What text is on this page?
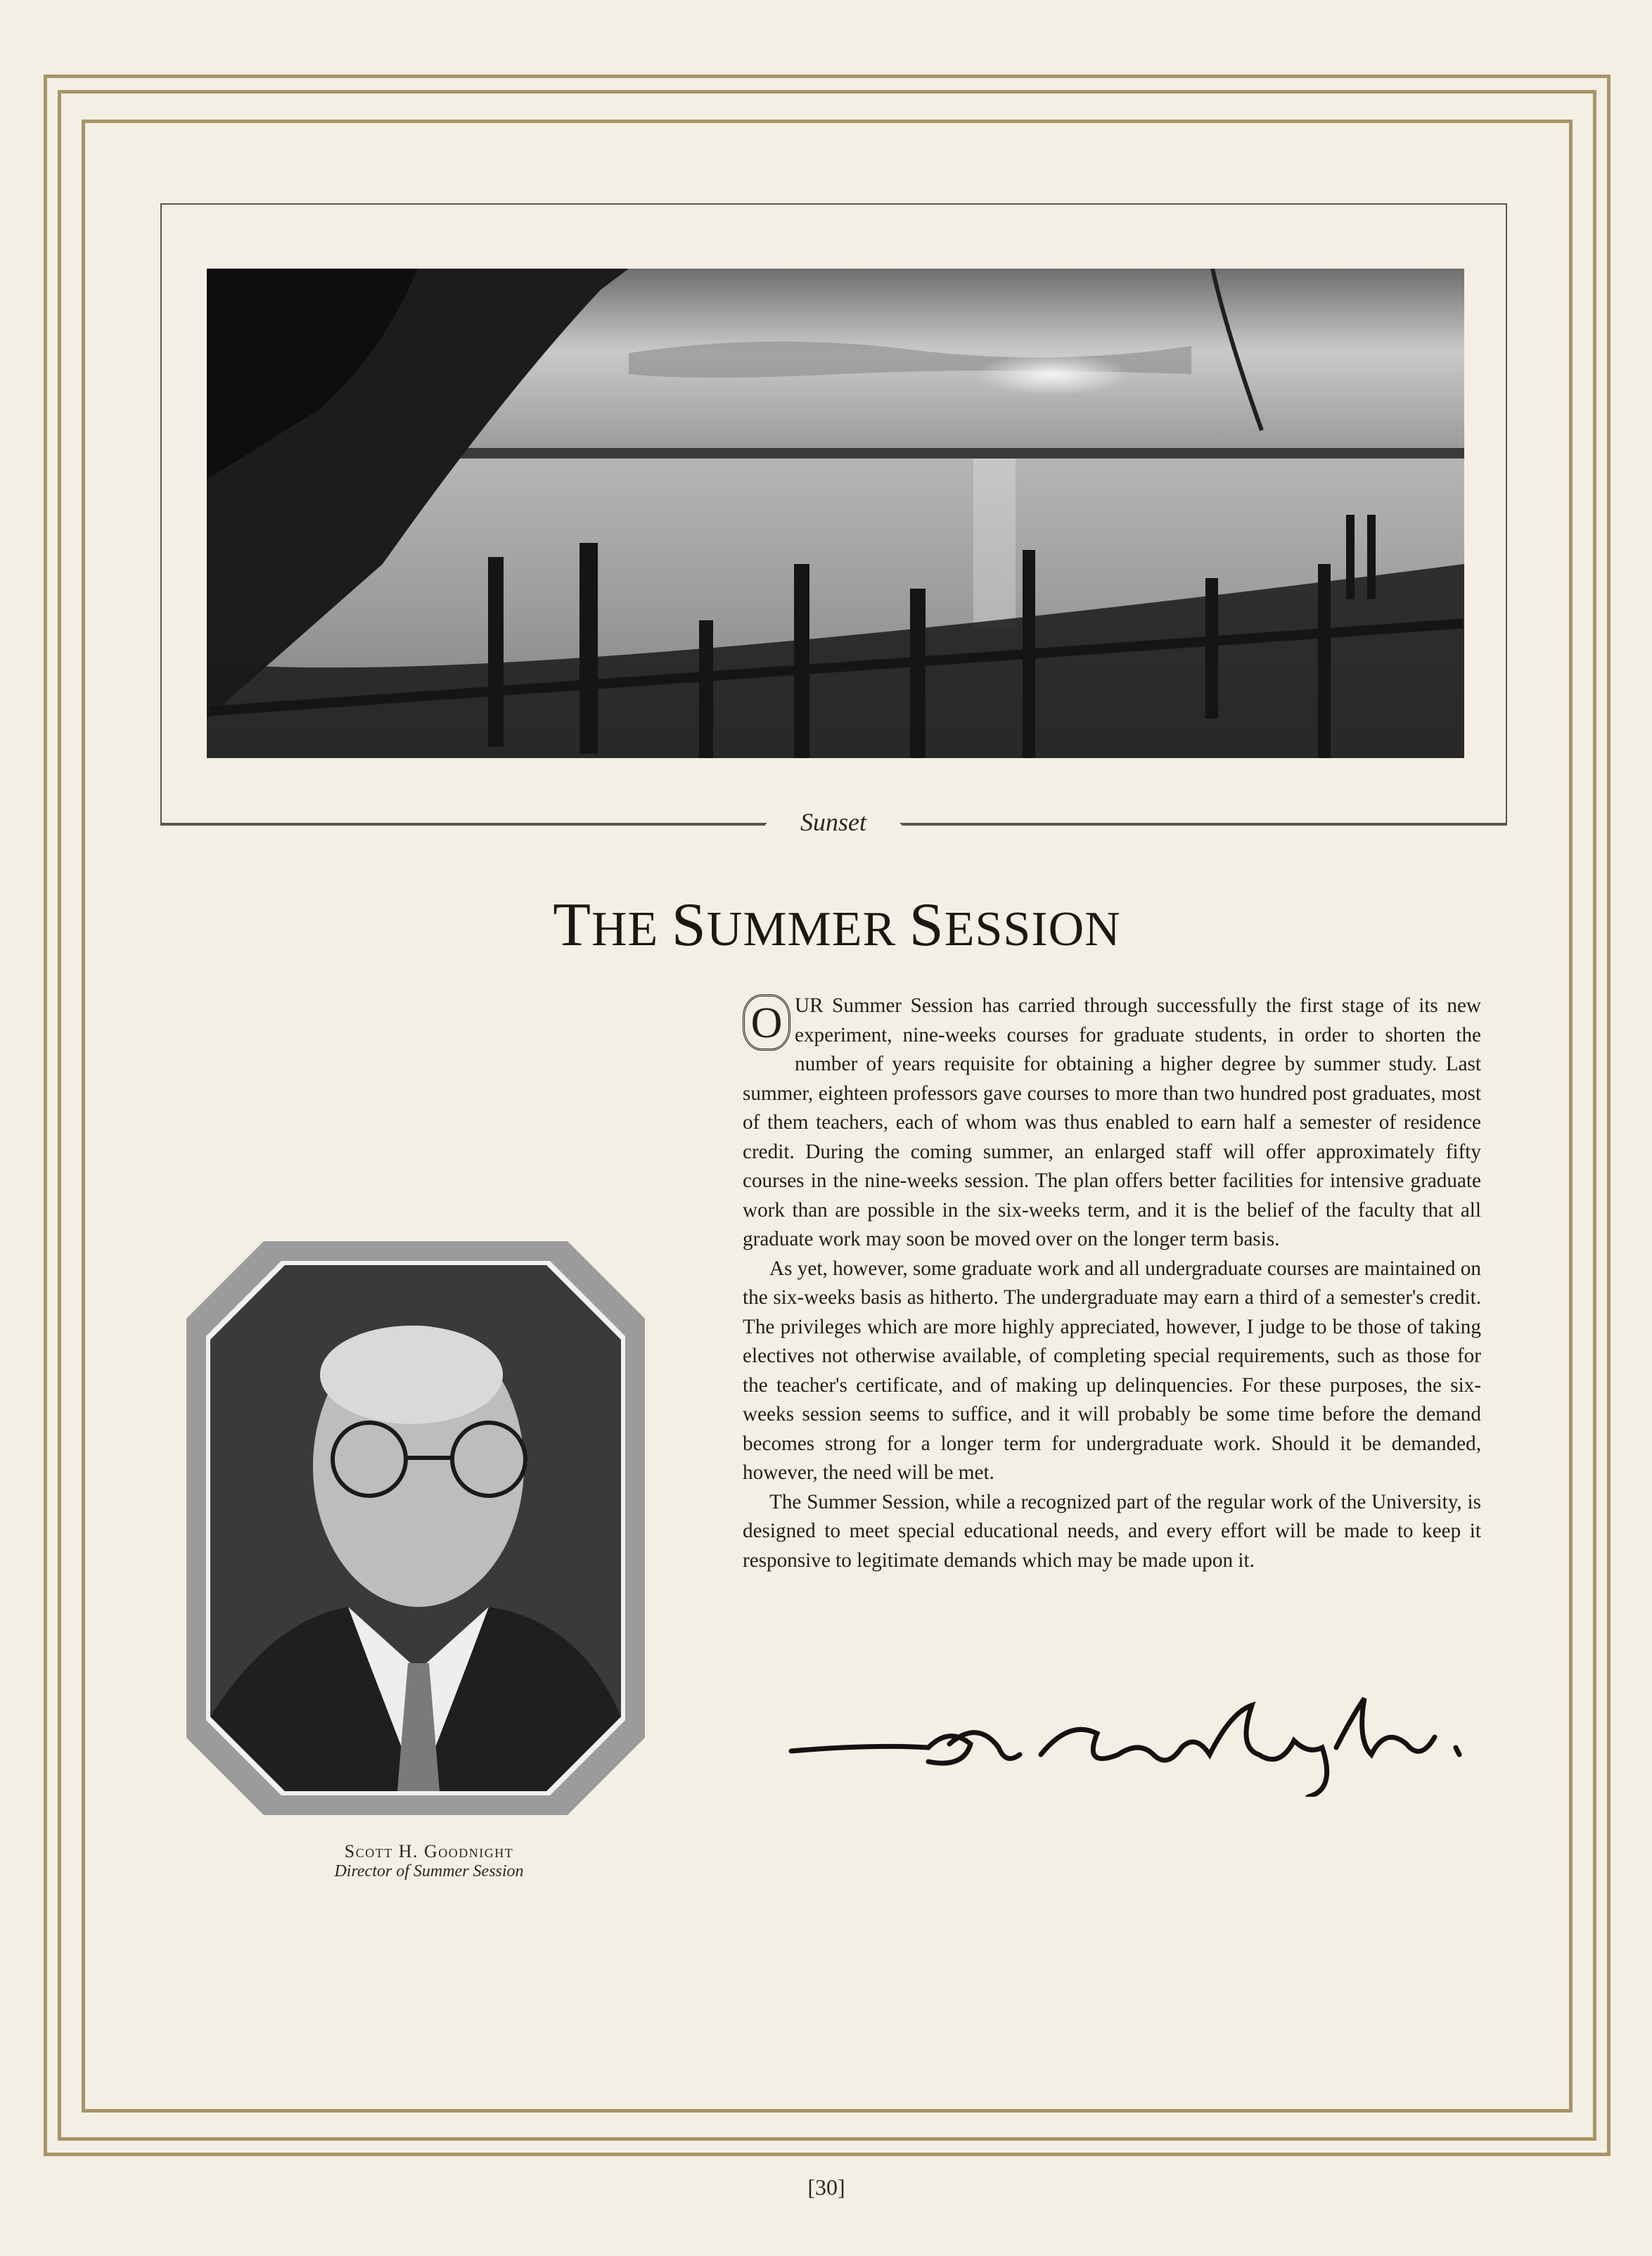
Sunset
THE SUMMER SESSION

O UR Summer Session has carried through successfully the first stage of its new experiment, nine-weeks courses for graduate students, in order to shorten the number of years requisite for obtaining a higher degree by summer study. Last summer, eighteen professors gave courses to more than two hundred post graduates, most of them teachers, each of whom was thus enabled to earn half a semester of residence credit. During the coming summer, an enlarged staff will offer approximately fifty courses in the nine-weeks session. The plan offers better facilities for intensive graduate work than are possible in the six-weeks term, and it is the belief of the faculty that all graduate work may soon be moved over on the longer term basis.

As yet, however, some graduate work and all undergraduate courses are maintained on the six-weeks basis as hitherto. The undergraduate may earn a third of a semester's credit. The privileges which are more highly appreciated, however, I judge to be those of taking electives not otherwise available, of completing special requirements, such as those for the teacher's certificate, and of making up delinquencies. For these purposes, the six-weeks session seems to suffice, and it will probably be some time before the demand becomes strong for a longer term for undergraduate work. Should it be demanded, however, the need will be met.

The Summer Session, while a recognized part of the regular work of the University, is designed to meet special educational needs, and every effort will be made to keep it responsive to legitimate demands which may be made upon it.

Scott H. Goodnight
Director of Summer Session
[30]
